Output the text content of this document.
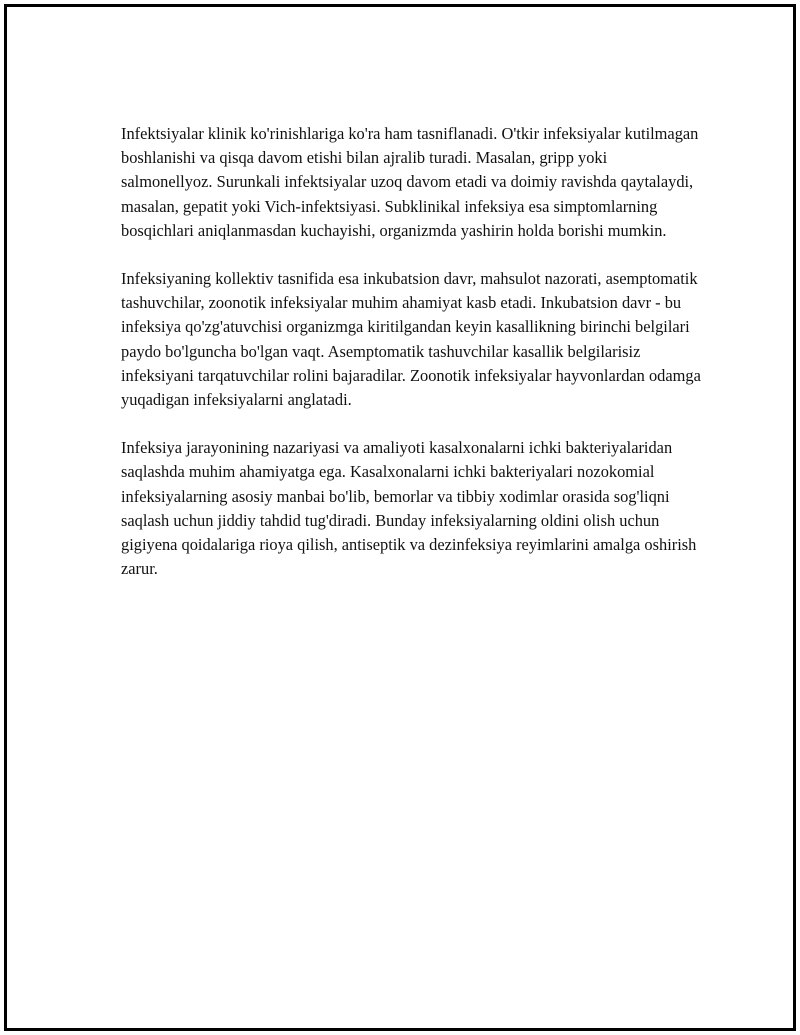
Infektsiyalar klinik ko'rinishlariga ko'ra ham tasniflanadi. O'tkir infeksiyalar kutilmagan boshlanishi va qisqa davom etishi bilan ajralib turadi. Masalan, gripp yoki salmonellyoz. Surunkali infektsiyalar uzoq davom etadi va doimiy ravishda qaytalaydi, masalan, gepatit yoki Vich-infektsiyasi. Subklinikal infeksiya esa simptomlarning bosqichlari aniqlanmasdan kuchayishi, organizmda yashirin holda borishi mumkin.

Infeksiyaning kollektiv tasnifida esa inkubatsion davr, mahsulot nazorati, asemptomatik tashuvchilar, zoonotik infeksiyalar muhim ahamiyat kasb etadi. Inkubatsion davr - bu infeksiya qo'zg'atuvchisi organizmga kiritilgandan keyin kasallikning birinchi belgilari paydo bo'lguncha bo'lgan vaqt. Asemptomatik tashuvchilar kasallik belgilarisiz infeksiyani tarqatuvchilar rolini bajaradilar. Zoonotik infeksiyalar hayvonlardan odamga yuqadigan infeksiyalarni anglatadi.

Infeksiya jarayonining nazariyasi va amaliyoti kasalxonalarni ichki bakteriyalaridan saqlashda muhim ahamiyatga ega. Kasalxonalarni ichki bakteriyalari nozokomial infeksiyalarning asosiy manbai bo'lib, bemorlar va tibbiy xodimlar orasida sog'liqni saqlash uchun jiddiy tahdid tug'diradi. Bunday infeksiyalarning oldini olish uchun gigiyena qoidalariga rioya qilish, antiseptik va dezinfeksiya reyimlarini amalga oshirish zarur.
